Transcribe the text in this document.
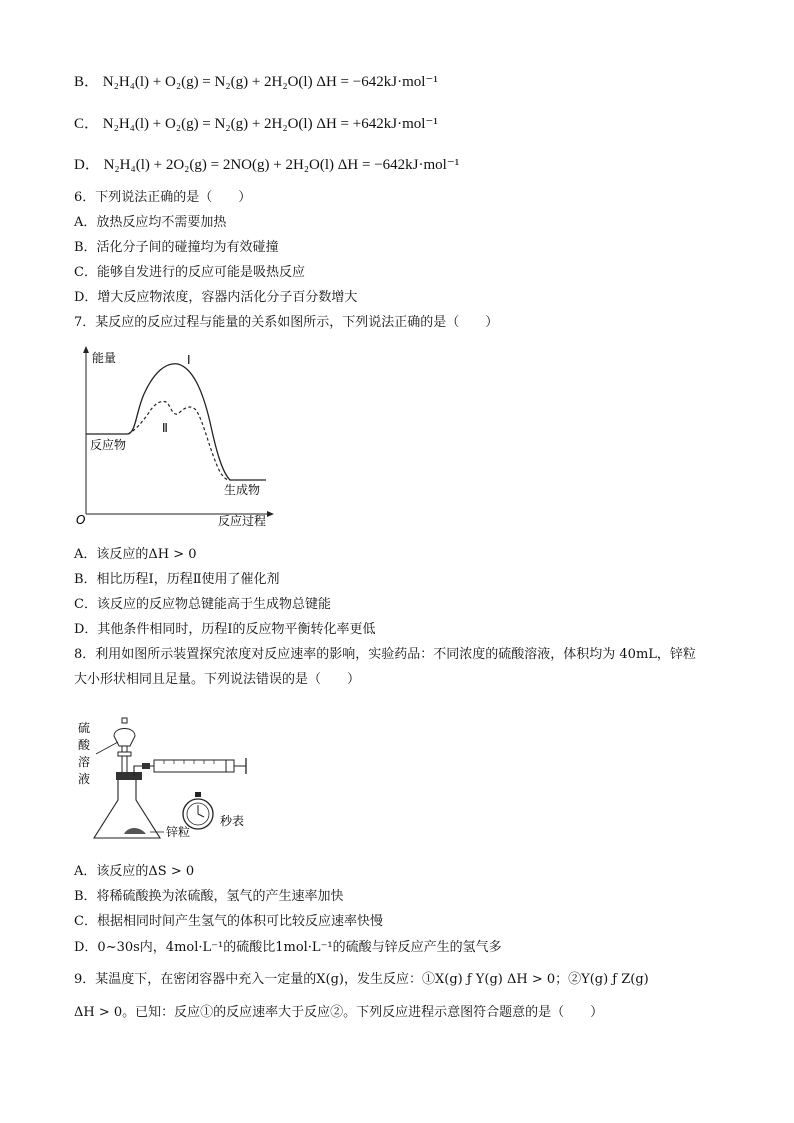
B． N₂H₄(l) + O₂(g) = N₂(g) + 2H₂O(l) ΔH = −642kJ·mol⁻¹
C． N₂H₄(l) + O₂(g) = N₂(g) + 2H₂O(l) ΔH = +642kJ·mol⁻¹
D． N₂H₄(l) + 2O₂(g) = 2NO(g) + 2H₂O(l) ΔH = −642kJ·mol⁻¹
6．下列说法正确的是（　　）
A．放热反应均不需要加热
B．活化分子间的碰撞均为有效碰撞
C．能够自发进行的反应可能是吸热反应
D．增大反应物浓度，容器内活化分子百分数增大
7．某反应的反应过程与能量的关系如图所示，下列说法正确的是（　　）
能量
O	反应过程
Ⅰ
Ⅱ
反应物
生成物
A．该反应的ΔH > 0
B．相比历程Ⅰ，历程Ⅱ使用了催化剂
C．该反应的反应物总键能高于生成物总键能
D．其他条件相同时，历程Ⅰ的反应物平衡转化率更低
8．利用如图所示装置探究浓度对反应速率的影响，实验药品：不同浓度的硫酸溶液，体积均为 40mL，锌粒
大小形状相同且足量。下列说法错误的是（　　）
硫
酸
溶
液
锌粒
秒表
A．该反应的ΔS > 0
B．将稀硫酸换为浓硫酸，氢气的产生速率加快
C．根据相同时间产生氢气的体积可比较反应速率快慢
D．0~30s内，4mol·L⁻¹的硫酸比1mol·L⁻¹的硫酸与锌反应产生的氢气多
9．某温度下，在密闭容器中充入一定量的X(g)，发生反应：①X(g) ƒ Y(g) ΔH > 0；②Y(g) ƒ Z(g)
ΔH > 0。已知：反应①的反应速率大于反应②。下列反应进程示意图符合题意的是（　　）
